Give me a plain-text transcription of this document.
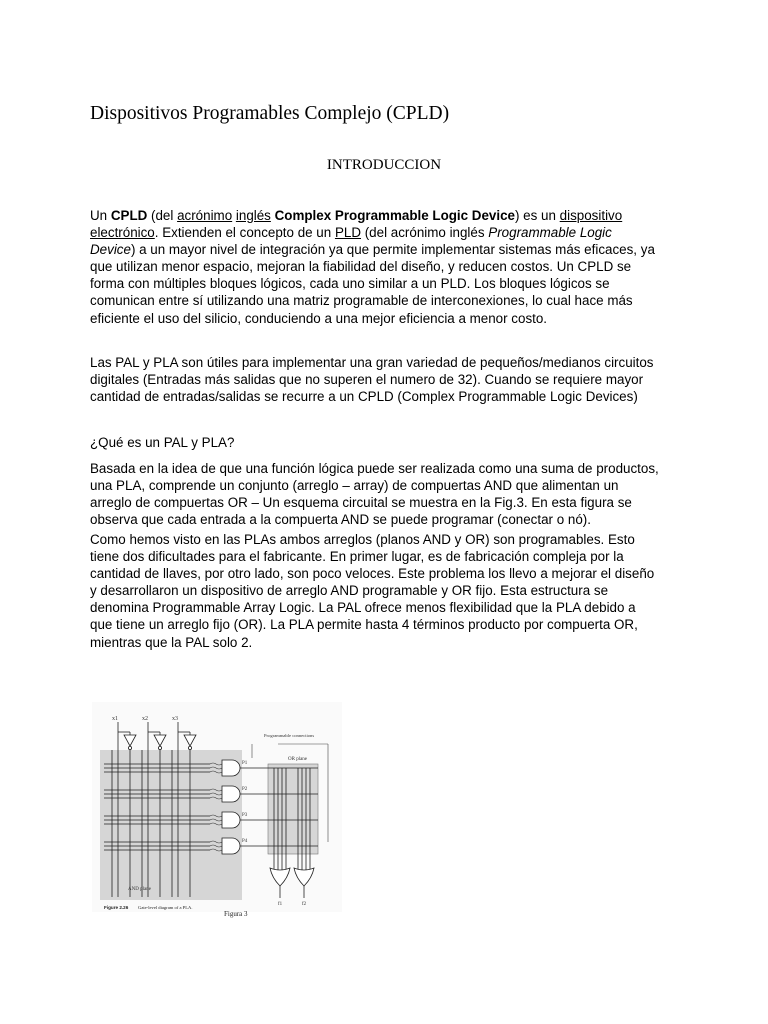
Dispositivos Programables Complejo (CPLD)
INTRODUCCION
Un CPLD (del acrónimo inglés Complex Programmable Logic Device) es un dispositivo
electrónico. Extienden el concepto de un PLD (del acrónimo inglés Programmable Logic
Device) a un mayor nivel de integración ya que permite implementar sistemas más eficaces, ya
que utilizan menor espacio, mejoran la fiabilidad del diseño, y reducen costos. Un CPLD se
forma con múltiples bloques lógicos, cada uno similar a un PLD. Los bloques lógicos se
comunican entre sí utilizando una matriz programable de interconexiones, lo cual hace más
eficiente el uso del silicio, conduciendo a una mejor eficiencia a menor costo.
Las PAL y PLA son útiles para implementar una gran variedad de pequeños/medianos circuitos
digitales (Entradas más salidas que no superen el numero de 32). Cuando se requiere mayor
cantidad de entradas/salidas se recurre a un CPLD (Complex Programmable Logic Devices)
¿Qué es un PAL y PLA?
Basada en la idea de que una función lógica puede ser realizada como una suma de productos,
una PLA, comprende un conjunto (arreglo – array) de compuertas AND que alimentan un
arreglo de compuertas OR – Un esquema circuital se muestra en la Fig.3. En esta figura se
observa que cada entrada a la compuerta AND se puede programar (conectar o nó).
Como hemos visto en las PLAs ambos arreglos (planos AND y OR) son programables. Esto
tiene dos dificultades para el fabricante. En primer lugar, es de fabricación compleja por la
cantidad de llaves, por otro lado, son poco veloces. Este problema los llevo a mejorar el diseño
y desarrollaron un dispositivo de arreglo AND programable y OR fijo. Esta estructura se
denomina Programmable Array Logic. La PAL ofrece menos flexibilidad que la PLA debido a
que tiene un arreglo fijo (OR). La PLA permite hasta 4 términos producto por compuerta OR,
mientras que la PAL solo 2.
x1	x2	x3
P1
P2
P3
P4
Programmable connections
OR plane
AND plane
f1	f2
Figure 2.26 Gate-level diagram of a PLA.
Figura 3
